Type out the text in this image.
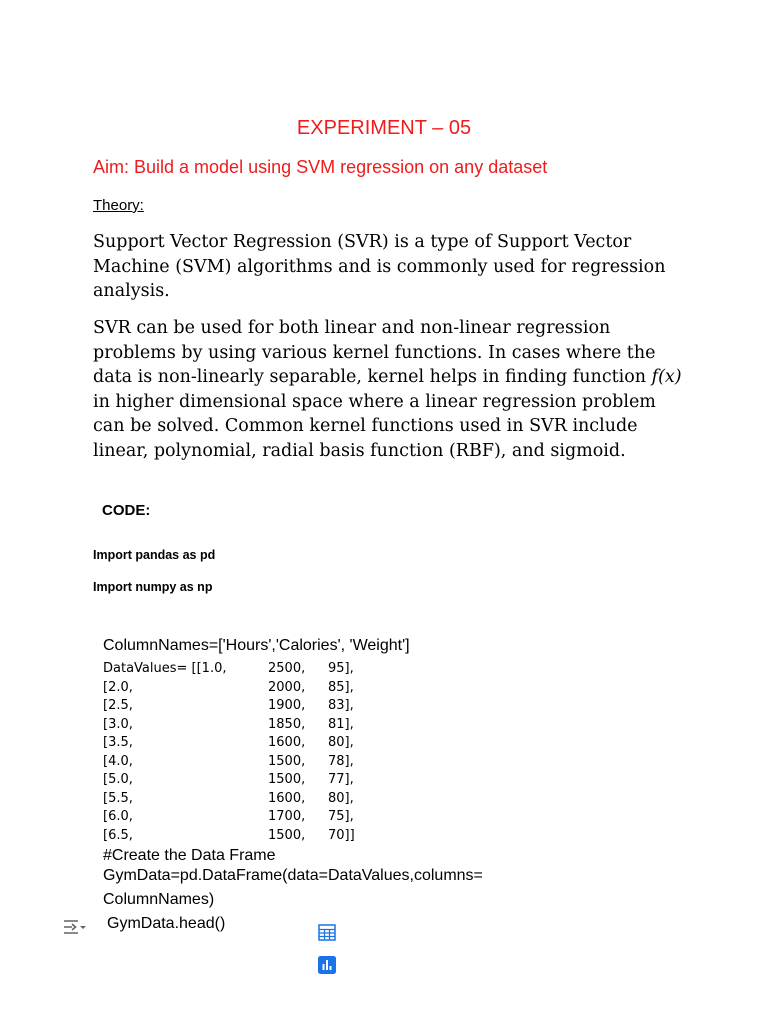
EXPERIMENT – 05
Aim: Build a model using SVM regression on any dataset
Theory:
Support Vector Regression (SVR) is a type of Support Vector Machine (SVM) algorithms and is commonly used for regression analysis.
SVR can be used for both linear and non-linear regression problems by using various kernel functions. In cases where the data is non-linearly separable, kernel helps in finding function f(x) in higher dimensional space where a linear regression problem can be solved. Common kernel functions used in SVR include linear, polynomial, radial basis function (RBF), and sigmoid.
CODE:
Import pandas as pd
Import numpy as np
ColumnNames=['Hours','Calories', 'Weight']
DataValues= [[1.0,	2500, 95],
[2.0,	2000, 85],
[2.5,	1900, 83],
[3.0,	1850, 81],
[3.5,	1600, 80],
[4.0,	1500, 78],
[5.0,	1500, 77],
[5.5,	1600, 80],
[6.0,	1700, 75],
[6.5,	1500, 70]]
#Create the Data Frame
GymData=pd.DataFrame(data=DataValues,columns=
ColumnNames)
GymData.head()
